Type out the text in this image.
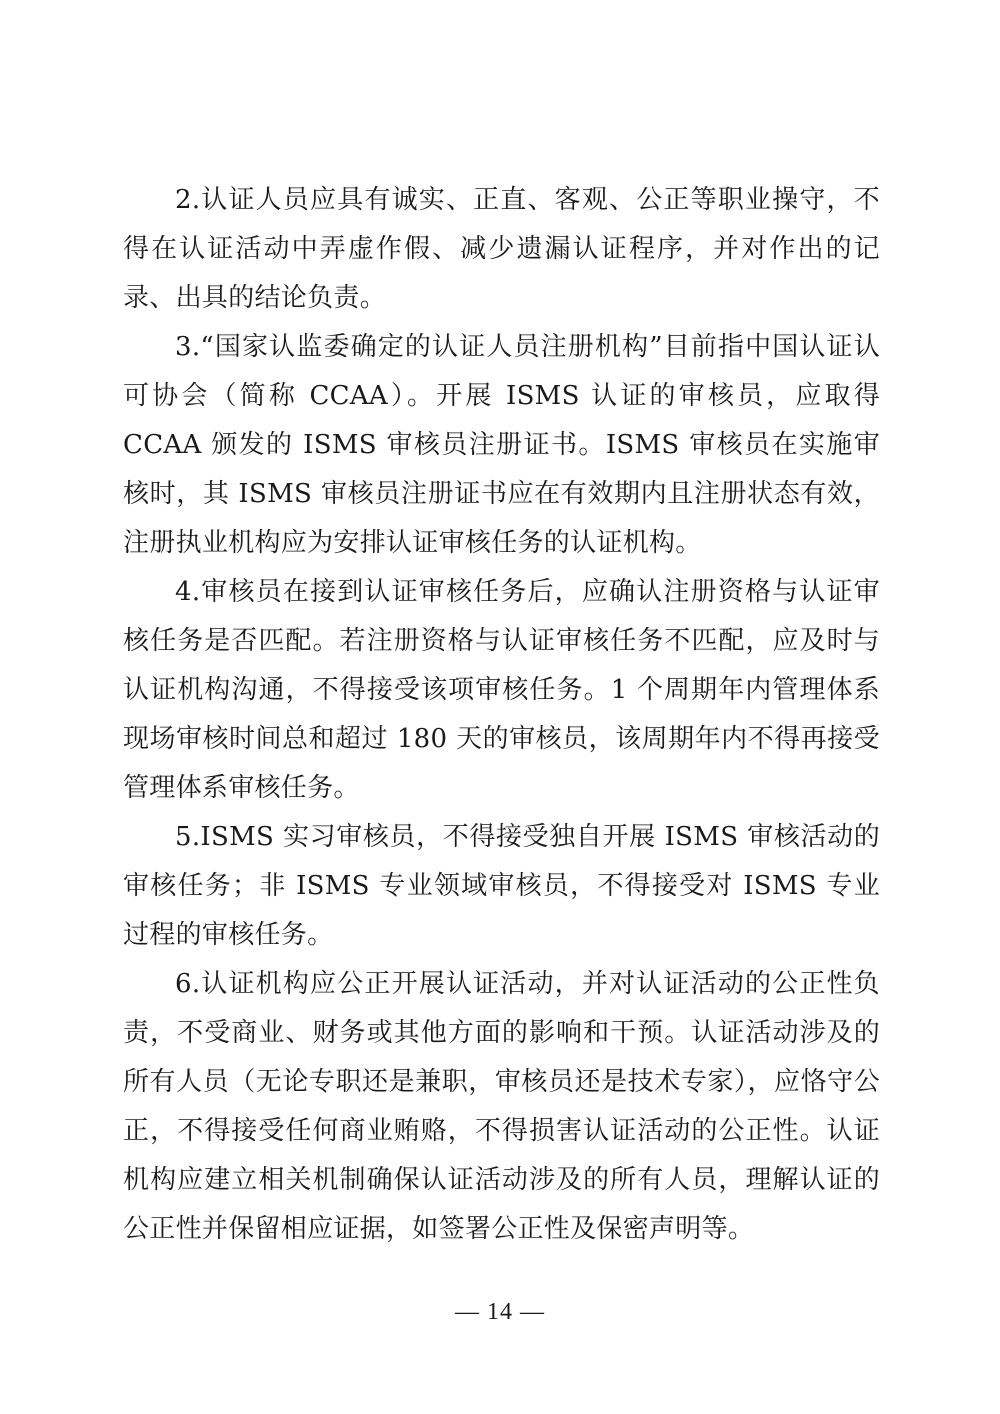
2.认证人员应具有诚实、正直、客观、公正等职业操守，不得在认证活动中弄虚作假、减少遗漏认证程序，并对作出的记录、出具的结论负责。

3.“国家认监委确定的认证人员注册机构”目前指中国认证认可协会（简称 CCAA）。开展 ISMS 认证的审核员，应取得 CCAA 颁发的 ISMS 审核员注册证书。ISMS 审核员在实施审核时，其 ISMS 审核员注册证书应在有效期内且注册状态有效，注册执业机构应为安排认证审核任务的认证机构。

4.审核员在接到认证审核任务后，应确认注册资格与认证审核任务是否匹配。若注册资格与认证审核任务不匹配，应及时与认证机构沟通，不得接受该项审核任务。1 个周期年内管理体系现场审核时间总和超过 180 天的审核员，该周期年内不得再接受管理体系审核任务。

5.ISMS 实习审核员，不得接受独自开展 ISMS 审核活动的审核任务；非 ISMS 专业领域审核员，不得接受对 ISMS 专业过程的审核任务。

6.认证机构应公正开展认证活动，并对认证活动的公正性负责，不受商业、财务或其他方面的影响和干预。认证活动涉及的所有人员（无论专职还是兼职，审核员还是技术专家），应恪守公正，不得接受任何商业贿赂，不得损害认证活动的公正性。认证机构应建立相关机制确保认证活动涉及的所有人员，理解认证的公正性并保留相应证据，如签署公正性及保密声明等。

— 14 —
